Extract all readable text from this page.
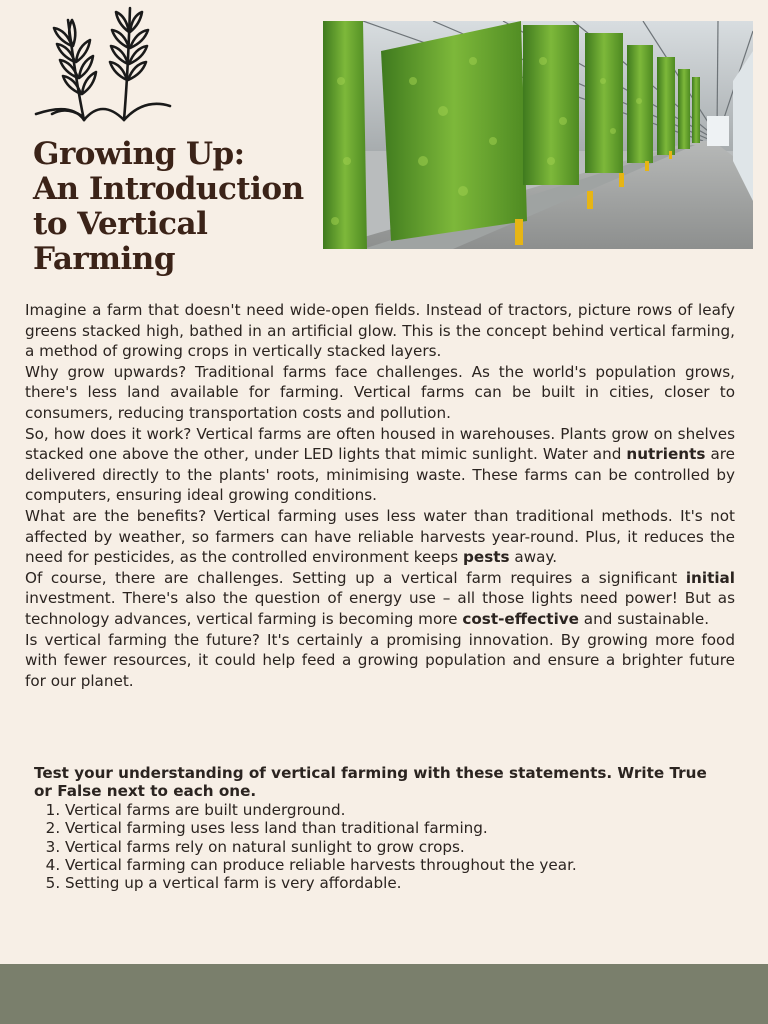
Growing Up:
An Introduction
to Vertical
Farming

Imagine a farm that doesn't need wide-open fields. Instead of tractors, picture rows of leafy greens stacked high, bathed in an artificial glow. This is the concept behind vertical farming, a method of growing crops in vertically stacked layers.

Why grow upwards? Traditional farms face challenges. As the world's population grows, there's less land available for farming. Vertical farms can be built in cities, closer to consumers, reducing transportation costs and pollution.

So, how does it work? Vertical farms are often housed in warehouses. Plants grow on shelves stacked one above the other, under LED lights that mimic sunlight. Water and nutrients are delivered directly to the plants' roots, minimising waste. These farms can be controlled by computers, ensuring ideal growing conditions.

What are the benefits? Vertical farming uses less water than traditional methods. It's not affected by weather, so farmers can have reliable harvests year-round. Plus, it reduces the need for pesticides, as the controlled environment keeps pests away.

Of course, there are challenges. Setting up a vertical farm requires a significant initial investment. There's also the question of energy use – all those lights need power! But as technology advances, vertical farming is becoming more cost-effective and sustainable.

Is vertical farming the future? It's certainly a promising innovation. By growing more food with fewer resources, it could help feed a growing population and ensure a brighter future for our planet.

Test your understanding of vertical farming with these statements. Write True or False next to each one.

1. Vertical farms are built underground.
2. Vertical farming uses less land than traditional farming.
3. Vertical farms rely on natural sunlight to grow crops.
4. Vertical farming can produce reliable harvests throughout the year.
5. Setting up a vertical farm is very affordable.
